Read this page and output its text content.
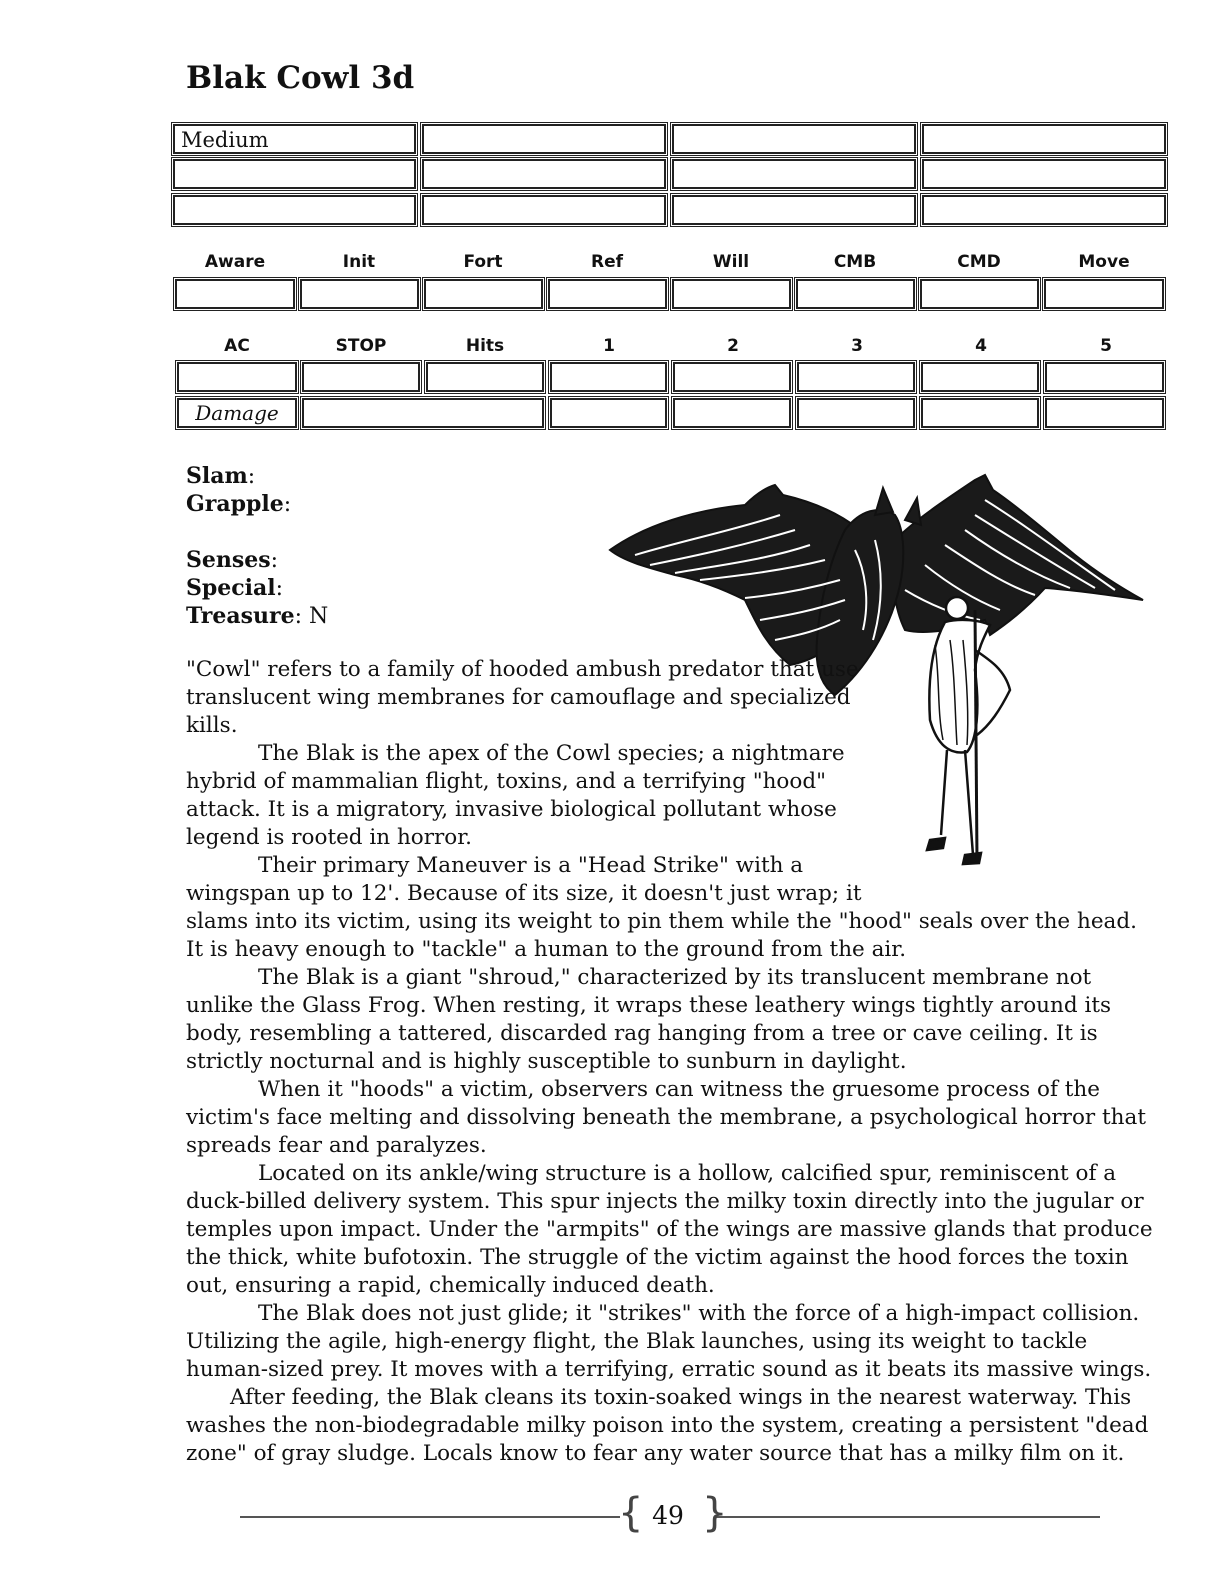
Blak Cowl 3d
Medium
Aware	Init	Fort	Ref	Will	CMB	CMD	Move
AC	STOP	Hits	1	2	3	4	5
Damage
Slam:
Grapple:
Senses:
Special:
Treasure: N

"Cowl" refers to a family of hooded ambush predator that use translucent wing membranes for camouflage and specialized kills.

The Blak is the apex of the Cowl species; a nightmare hybrid of mammalian flight, toxins, and a terrifying "hood" attack. It is a migratory, invasive biological pollutant whose legend is rooted in horror.

Their primary Maneuver is a "Head Strike" with a wingspan up to 12'. Because of its size, it doesn't just wrap; it slams into its victim, using its weight to pin them while the "hood" seals over the head. It is heavy enough to "tackle" a human to the ground from the air.

The Blak is a giant "shroud," characterized by its translucent membrane not unlike the Glass Frog. When resting, it wraps these leathery wings tightly around its body, resembling a tattered, discarded rag hanging from a tree or cave ceiling. It is strictly nocturnal and is highly susceptible to sunburn in daylight.

When it "hoods" a victim, observers can witness the gruesome process of the victim's face melting and dissolving beneath the membrane, a psychological horror that spreads fear and paralyzes.

Located on its ankle/wing structure is a hollow, calcified spur, reminiscent of a duck-billed delivery system. This spur injects the milky toxin directly into the jugular or temples upon impact. Under the "armpits" of the wings are massive glands that produce the thick, white bufotoxin. The struggle of the victim against the hood forces the toxin out, ensuring a rapid, chemically induced death.

The Blak does not just glide; it "strikes" with the force of a high-impact collision. Utilizing the agile, high-energy flight, the Blak launches, using its weight to tackle human-sized prey. It moves with a terrifying, erratic sound as it beats its massive wings.

After feeding, the Blak cleans its toxin-soaked wings in the nearest waterway. This washes the non-biodegradable milky poison into the system, creating a persistent "dead zone" of gray sludge. Locals know to fear any water source that has a milky film on it.

{ }
49
